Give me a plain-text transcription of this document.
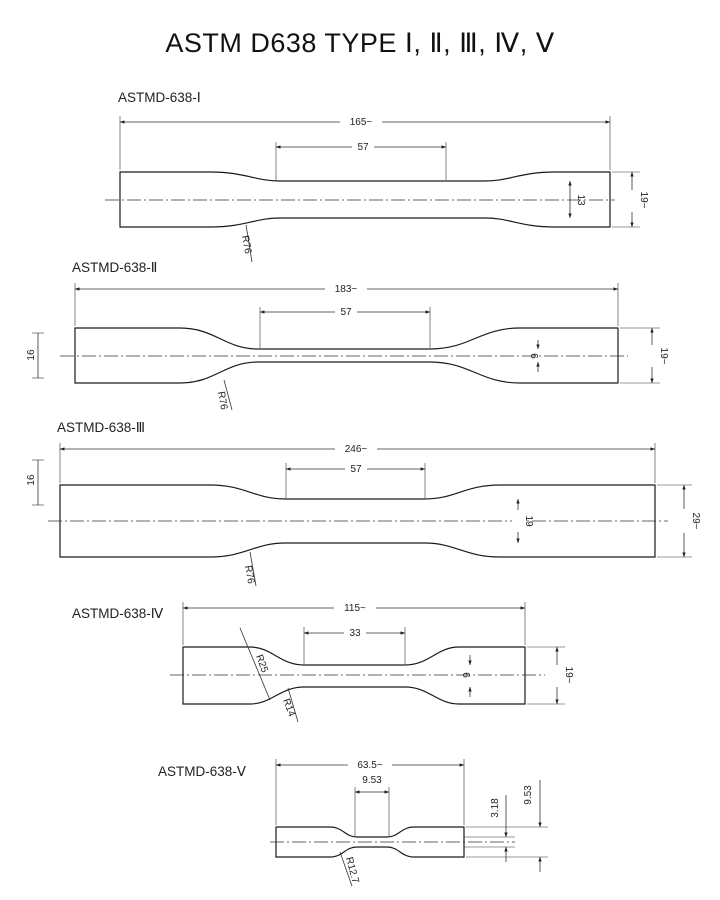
ASTM D638 TYPE Ⅰ, Ⅱ, Ⅲ, Ⅳ, Ⅴ
ASTMD-638-Ⅰ
ASTMD-638-Ⅱ
ASTMD-638-Ⅲ
ASTMD-638-Ⅳ
ASTMD-638-Ⅴ
165~
57
13	19~
R76
183~
57
6	19~
16
R76
246~
57
19	29~
16
R76
115~
33
6	19~
R25
R14
63.5~
9.53
3.18
9.53
R12.7
